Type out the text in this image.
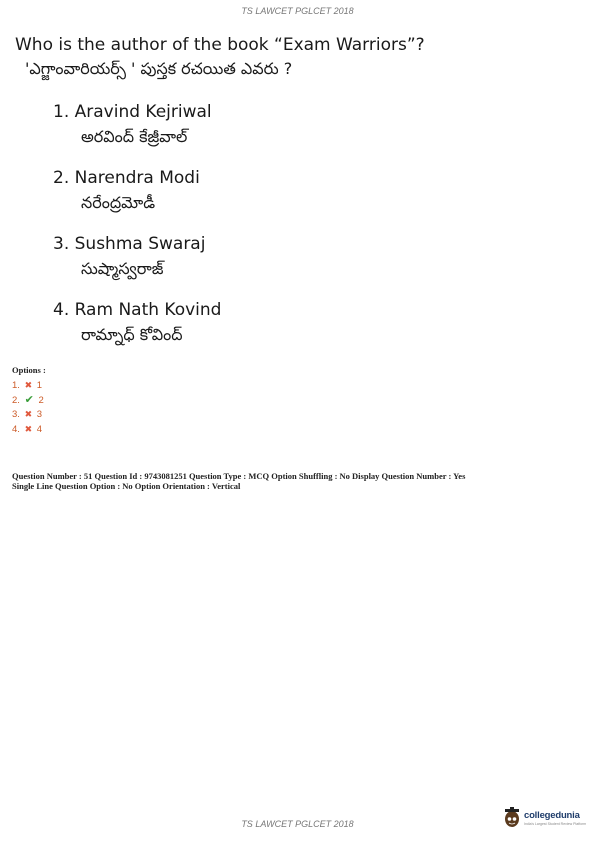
TS LAWCET PGLCET 2018

Who is the author of the book “Exam Warriors”?

'ఎగ్జాంవారియర్స్ ' పుస్తక రచయిత ఎవరు ?

1. Aravind Kejriwal
అరవింద్ కేజ్రీవాల్
2. Narendra Modi
నరేంద్రమోడీ
3. Sushma Swaraj
సుష్మాస్వరాజ్
4. Ram Nath Kovind
రామ్నాధ్ కోవింద్
Options :
1. ✖ 1
2. ✔ 2
3. ✖ 3
4. ✖ 4
Question Number : 51 Question Id : 9743081251 Question Type : MCQ Option Shuffling : No Display Question Number : Yes
Single Line Question Option : No Option Orientation : Vertical
TS LAWCET PGLCET 2018
collegedunia
India's Largest Student Review Platform
